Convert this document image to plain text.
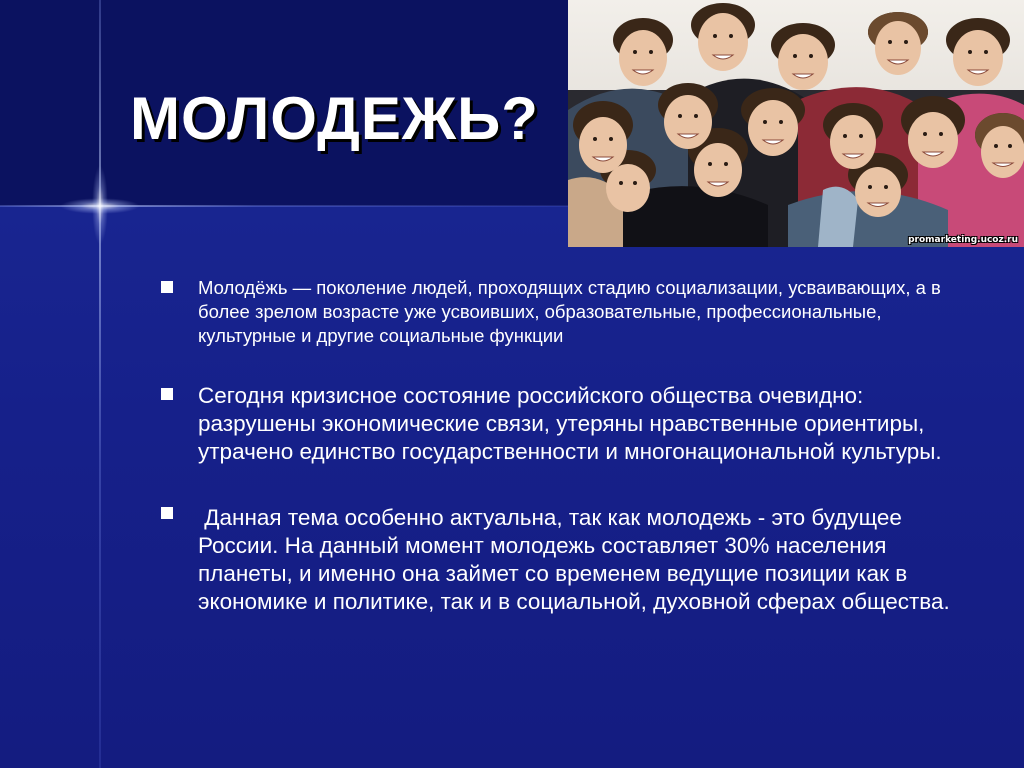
МОЛОДЕЖЬ?
promarketing.ucoz.ru
Молодёжь — поколение людей, проходящих стадию социализации, усваивающих, а в более зрелом возрасте уже усвоивших, образовательные, профессиональные, культурные и другие социальные функции
Сегодня кризисное состояние российского общества очевидно: разрушены экономические связи, утеряны нравственные ориентиры, утрачено единство государственности и многонациональной культуры.
Данная тема особенно актуальна, так как молодежь - это будущее России. На данный момент молодежь составляет 30% населения планеты, и именно она займет со временем ведущие позиции как в экономике и политике, так и в социальной, духовной сферах общества.
